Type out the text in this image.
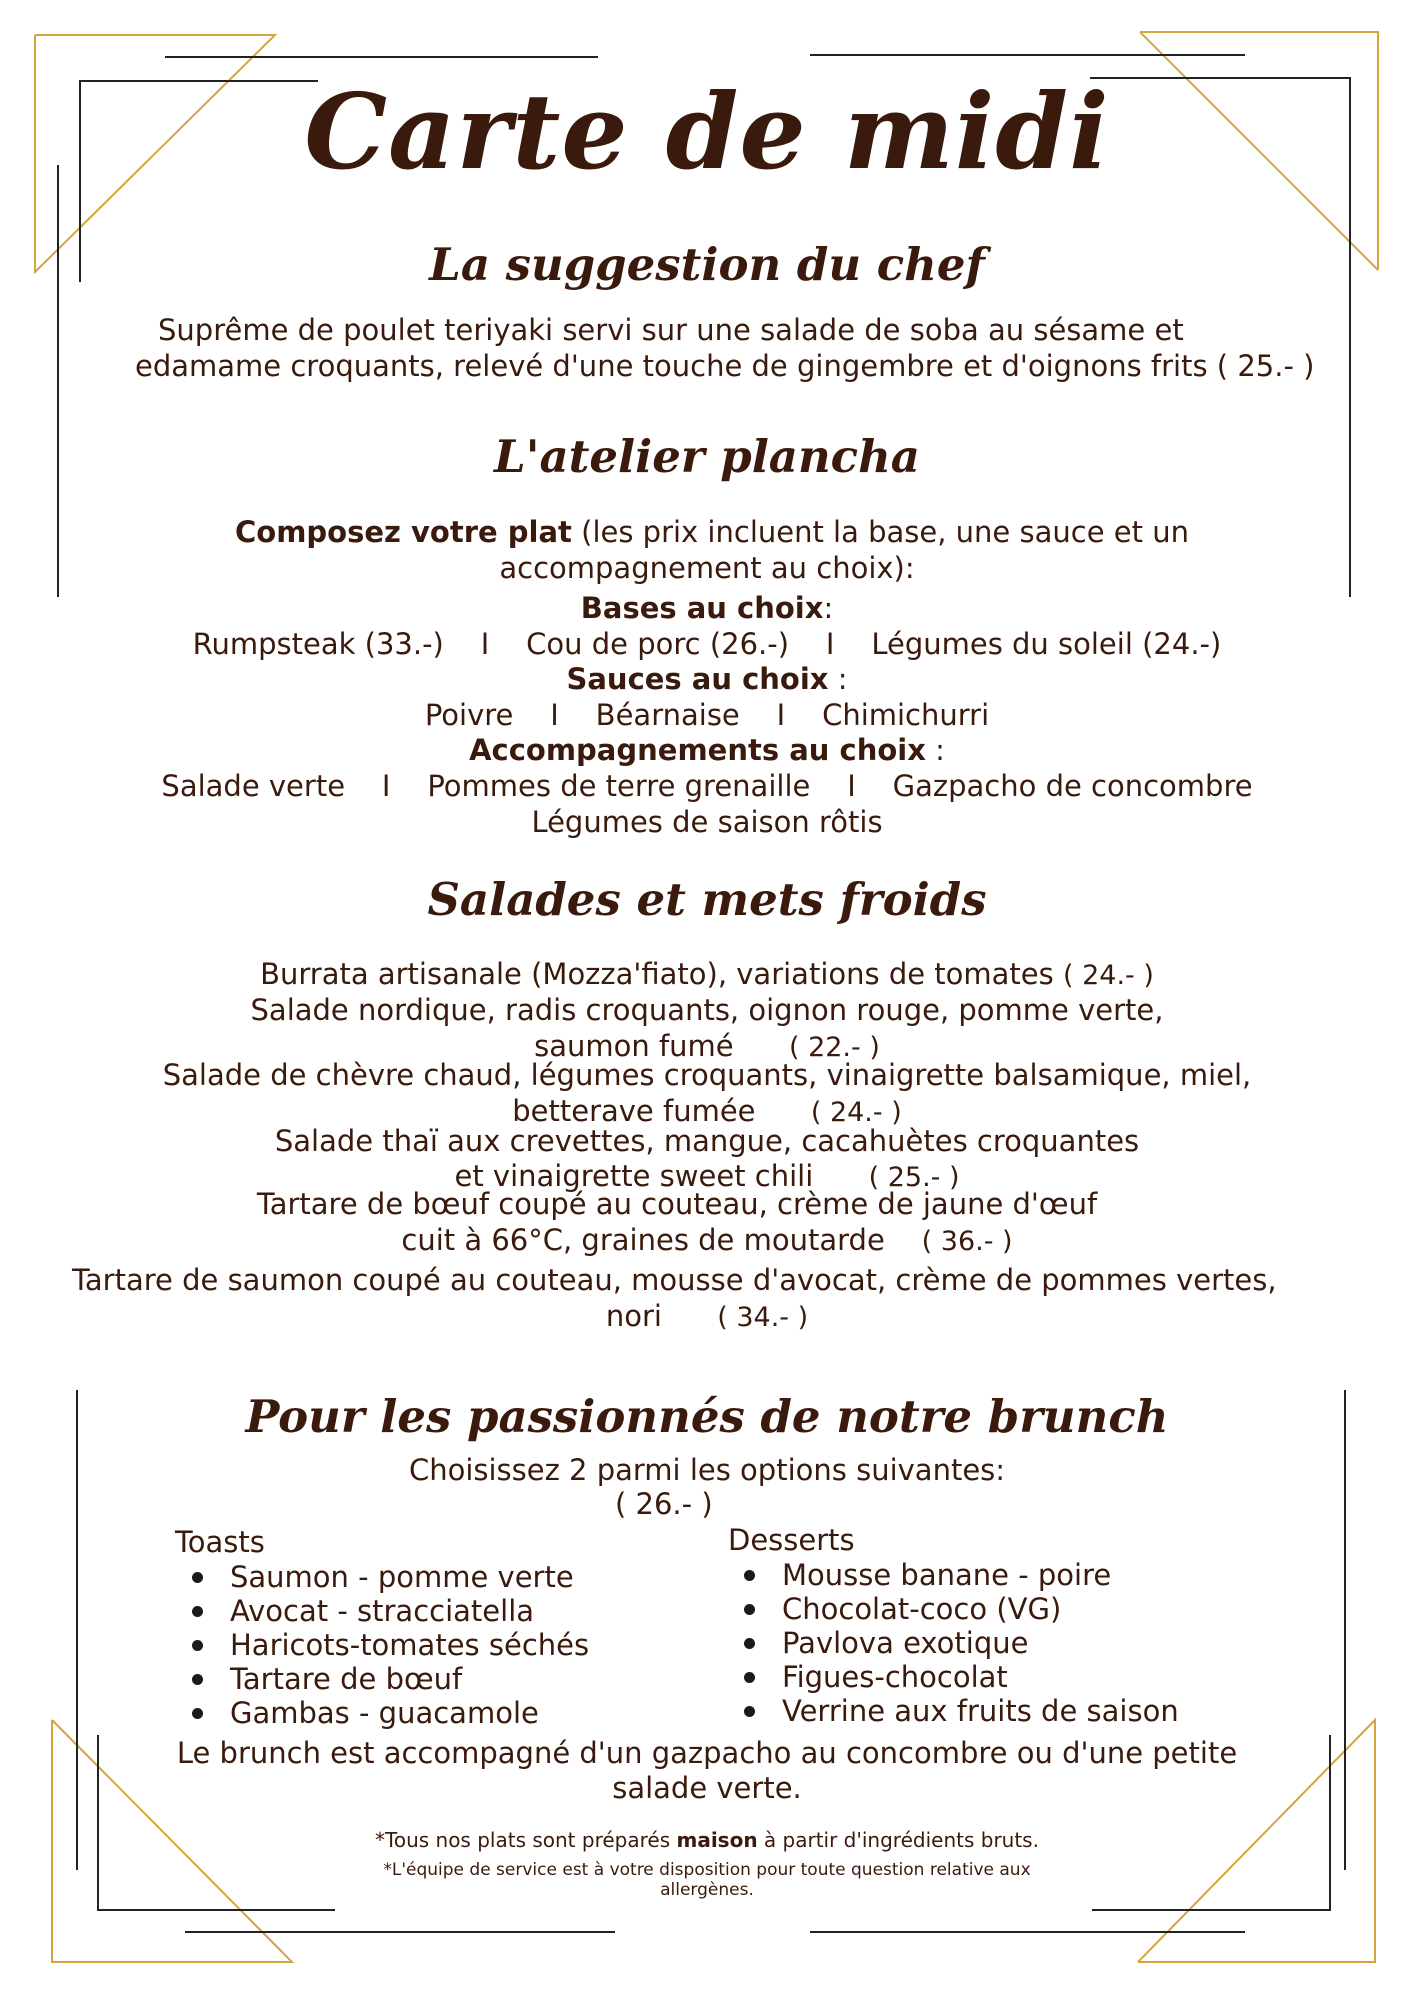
Carte de midi
La suggestion du chef
Suprême de poulet teriyaki servi sur une salade de soba au sésame et
edamame croquants, relevé d'une touche de gingembre et d'oignons frits ( 25.- )
L'atelier plancha
Composez votre plat (les prix incluent la base, une sauce et un
accompagnement au choix):
Bases au choix:
Rumpsteak (33.-)    I    Cou de porc (26.-)    I    Légumes du soleil (24.-)
Sauces au choix :
Poivre    I    Béarnaise    I    Chimichurri
Accompagnements au choix :
Salade verte    I    Pommes de terre grenaille    I    Gazpacho de concombre
Légumes de saison rôtis
Salades et mets froids
Burrata artisanale (Mozza'fiato), variations de tomates ( 24.- )
Salade nordique, radis croquants, oignon rouge, pomme verte,
saumon fumé ( 22.- )
Salade de chèvre chaud, légumes croquants, vinaigrette balsamique, miel,
betterave fumée ( 24.- )
Salade thaï aux crevettes, mangue, cacahuètes croquantes
et vinaigrette sweet chili ( 25.- )
Tartare de bœuf coupé au couteau, crème de jaune d'œuf
cuit à 66°C, graines de moutarde ( 36.- )
Tartare de saumon coupé au couteau, mousse d'avocat, crème de pommes vertes,
nori ( 34.- )
Pour les passionnés de notre brunch
Choisissez 2 parmi les options suivantes:
( 26.- )
Toasts
Saumon - pomme verte
Avocat - stracciatella
Haricots-tomates séchés
Tartare de bœuf
Gambas - guacamole
Desserts
Mousse banane - poire
Chocolat-coco (VG)
Pavlova exotique
Figues-chocolat
Verrine aux fruits de saison
Le brunch est accompagné d'un gazpacho au concombre ou d'une petite
salade verte.
*Tous nos plats sont préparés maison à partir d'ingrédients bruts.
*L'équipe de service est à votre disposition pour toute question relative aux
allergènes.
